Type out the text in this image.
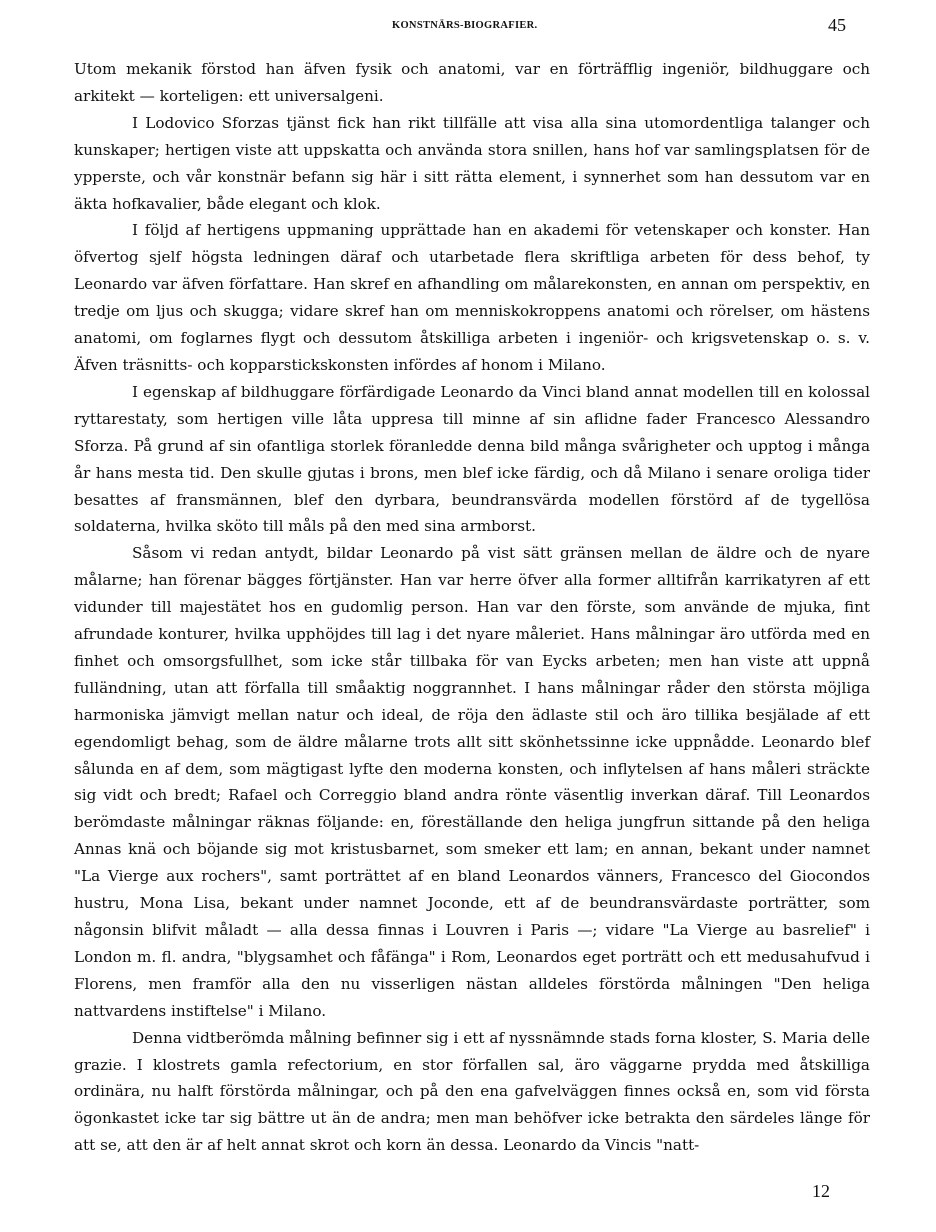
KONSTNÄRS-BIOGRAFIER.	45

Utom mekanik förstod han äfven fysik och anatomi, var en förträfflig ingeniör, bildhuggare och arkitekt — korteligen: ett universalgeni.

I Lodovico Sforzas tjänst fick han rikt tillfälle att visa alla sina utomordentliga talanger och kunskaper; hertigen viste att uppskatta och använda stora snillen, hans hof var samlingsplatsen för de ypperste, och vår konstnär befann sig här i sitt rätta element, i synnerhet som han dessutom var en äkta hofkavalier, både elegant och klok.

I följd af hertigens uppmaning upprättade han en akademi för vetenskaper och konster. Han öfvertog sjelf högsta ledningen däraf och utarbetade flera skriftliga arbeten för dess behof, ty Leonardo var äfven författare. Han skref en afhandling om målarekonsten, en annan om perspektiv, en tredje om ljus och skugga; vidare skref han om menniskokroppens anatomi och rörelser, om hästens anatomi, om foglarnes flygt och dessutom åtskilliga arbeten i ingeniör- och krigsvetenskap o. s. v. Äfven träsnitts- och kopparstickskonsten infördes af honom i Milano.

I egenskap af bildhuggare förfärdigade Leonardo da Vinci bland annat modellen till en kolossal ryttarestaty, som hertigen ville låta uppresa till minne af sin aflidne fader Francesco Alessandro Sforza. På grund af sin ofantliga storlek föranledde denna bild många svårigheter och upptog i många år hans mesta tid. Den skulle gjutas i brons, men blef icke färdig, och då Milano i senare oroliga tider besattes af fransmännen, blef den dyrbara, beundransvärda modellen förstörd af de tygellösa soldaterna, hvilka sköto till måls på den med sina armborst.

Såsom vi redan antydt, bildar Leonardo på vist sätt gränsen mellan de äldre och de nyare målarne; han förenar bägges förtjänster. Han var herre öfver alla former alltifrån karrikatyren af ett vidunder till majestätet hos en gudomlig person. Han var den förste, som använde de mjuka, fint afrundade konturer, hvilka upphöjdes till lag i det nyare måleriet. Hans målningar äro utförda med en finhet och omsorgsfullhet, som icke står tillbaka för van Eycks arbeten; men han viste att uppnå fulländning, utan att förfalla till småaktig noggrannhet. I hans målningar råder den största möjliga harmoniska jämvigt mellan natur och ideal, de röja den ädlaste stil och äro tillika besjälade af ett egendomligt behag, som de äldre målarne trots allt sitt skönhetssinne icke uppnådde. Leonardo blef sålunda en af dem, som mägtigast lyfte den moderna konsten, och inflytelsen af hans måleri sträckte sig vidt och bredt; Rafael och Correggio bland andra rönte väsentlig inverkan däraf. Till Leonardos berömdaste målningar räknas följande: en, föreställande den heliga jungfrun sittande på den heliga Annas knä och böjande sig mot kristusbarnet, som smeker ett lam; en annan, bekant under namnet "La Vierge aux rochers", samt porträttet af en bland Leonardos vänners, Francesco del Giocondos hustru, Mona Lisa, bekant under namnet Joconde, ett af de beundransvärdaste porträtter, som någonsin blifvit måladt — alla dessa finnas i Louvren i Paris —; vidare "La Vierge au basrelief" i London m. fl. andra, "blygsamhet och fåfänga" i Rom, Leonardos eget porträtt och ett medusahufvud i Florens, men framför alla den nu visserligen nästan alldeles förstörda målningen "Den heliga nattvardens instiftelse" i Milano.

Denna vidtberömda målning befinner sig i ett af nyssnämnde stads forna kloster, S. Maria delle grazie. I klostrets gamla refectorium, en stor förfallen sal, äro väggarne prydda med åtskilliga ordinära, nu halft förstörda målningar, och på den ena gafvelväggen finnes också en, som vid första ögonkastet icke tar sig bättre ut än de andra; men man behöfver icke betrakta den särdeles länge för att se, att den är af helt annat skrot och korn än dessa. Leonardo da Vincis "natt-

12
